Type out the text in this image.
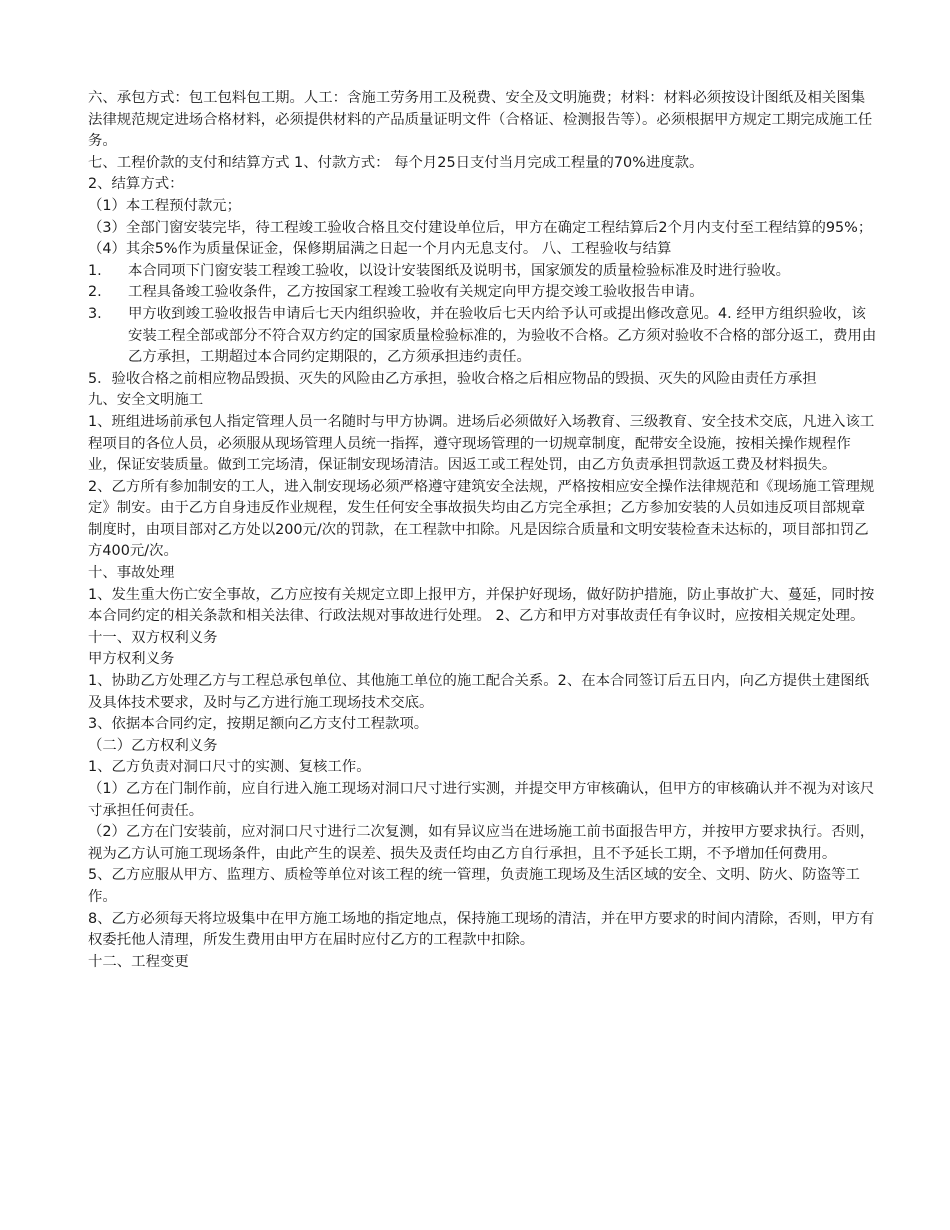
六、承包方式：包工包料包工期。人工：含施工劳务用工及税费、安全及文明施费；材料：材料必须按设计图纸及相关图集法律规范规定进场合格材料，必须提供材料的产品质量证明文件（合格证、检测报告等）。必须根据甲方规定工期完成施工任务。

七、工程价款的支付和结算方式 1、付款方式： 每个月25日支付当月完成工程量的70%进度款。

2、结算方式：

（1）本工程预付款元；

（3）全部门窗安装完毕，待工程竣工验收合格且交付建设单位后，甲方在确定工程结算后2个月内支付至工程结算的95%；

（4）其余5%作为质量保证金，保修期届满之日起一个月内无息支付。 八、工程验收与结算

1. 本合同项下门窗安装工程竣工验收，以设计安装图纸及说明书，国家颁发的质量检验标准及时进行验收。

2. 工程具备竣工验收条件，乙方按国家工程竣工验收有关规定向甲方提交竣工验收报告申请。

3. 甲方收到竣工验收报告申请后七天内组织验收，并在验收后七天内给予认可或提出修改意见。4. 经甲方组织验收，该安装工程全部或部分不符合双方约定的国家质量检验标准的，为验收不合格。乙方须对验收不合格的部分返工，费用由乙方承担，工期超过本合同约定期限的，乙方须承担违约责任。

5．验收合格之前相应物品毁损、灭失的风险由乙方承担，验收合格之后相应物品的毁损、灭失的风险由责任方承担

九、安全文明施工

1、班组进场前承包人指定管理人员一名随时与甲方协调。进场后必须做好入场教育、三级教育、安全技术交底，凡进入该工程项目的各位人员，必须服从现场管理人员统一指挥，遵守现场管理的一切规章制度，配带安全设施，按相关操作规程作业，保证安装质量。做到工完场清，保证制安现场清洁。因返工或工程处罚，由乙方负责承担罚款返工费及材料损失。

2、乙方所有参加制安的工人，进入制安现场必须严格遵守建筑安全法规，严格按相应安全操作法律规范和《现场施工管理规定》制安。由于乙方自身违反作业规程，发生任何安全事故损失均由乙方完全承担；乙方参加安装的人员如违反项目部规章制度时，由项目部对乙方处以200元/次的罚款，在工程款中扣除。凡是因综合质量和文明安装检查未达标的，项目部扣罚乙方400元/次。

十、事故处理

1、发生重大伤亡安全事故，乙方应按有关规定立即上报甲方，并保护好现场，做好防护措施，防止事故扩大、蔓延，同时按本合同约定的相关条款和相关法律、行政法规对事故进行处理。 2、乙方和甲方对事故责任有争议时，应按相关规定处理。

十一、双方权利义务

甲方权利义务

1、协助乙方处理乙方与工程总承包单位、其他施工单位的施工配合关系。2、在本合同签订后五日内，向乙方提供土建图纸及具体技术要求，及时与乙方进行施工现场技术交底。

3、依据本合同约定，按期足额向乙方支付工程款项。

（二）乙方权利义务

1、乙方负责对洞口尺寸的实测、复核工作。

（1）乙方在门制作前，应自行进入施工现场对洞口尺寸进行实测，并提交甲方审核确认，但甲方的审核确认并不视为对该尺寸承担任何责任。

（2）乙方在门安装前，应对洞口尺寸进行二次复测，如有异议应当在进场施工前书面报告甲方，并按甲方要求执行。否则，视为乙方认可施工现场条件，由此产生的误差、损失及责任均由乙方自行承担，且不予延长工期，不予增加任何费用。

5、乙方应服从甲方、监理方、质检等单位对该工程的统一管理，负责施工现场及生活区域的安全、文明、防火、防盗等工作。

8、乙方必须每天将垃圾集中在甲方施工场地的指定地点，保持施工现场的清洁，并在甲方要求的时间内清除，否则，甲方有权委托他人清理，所发生费用由甲方在届时应付乙方的工程款中扣除。

十二、工程变更
